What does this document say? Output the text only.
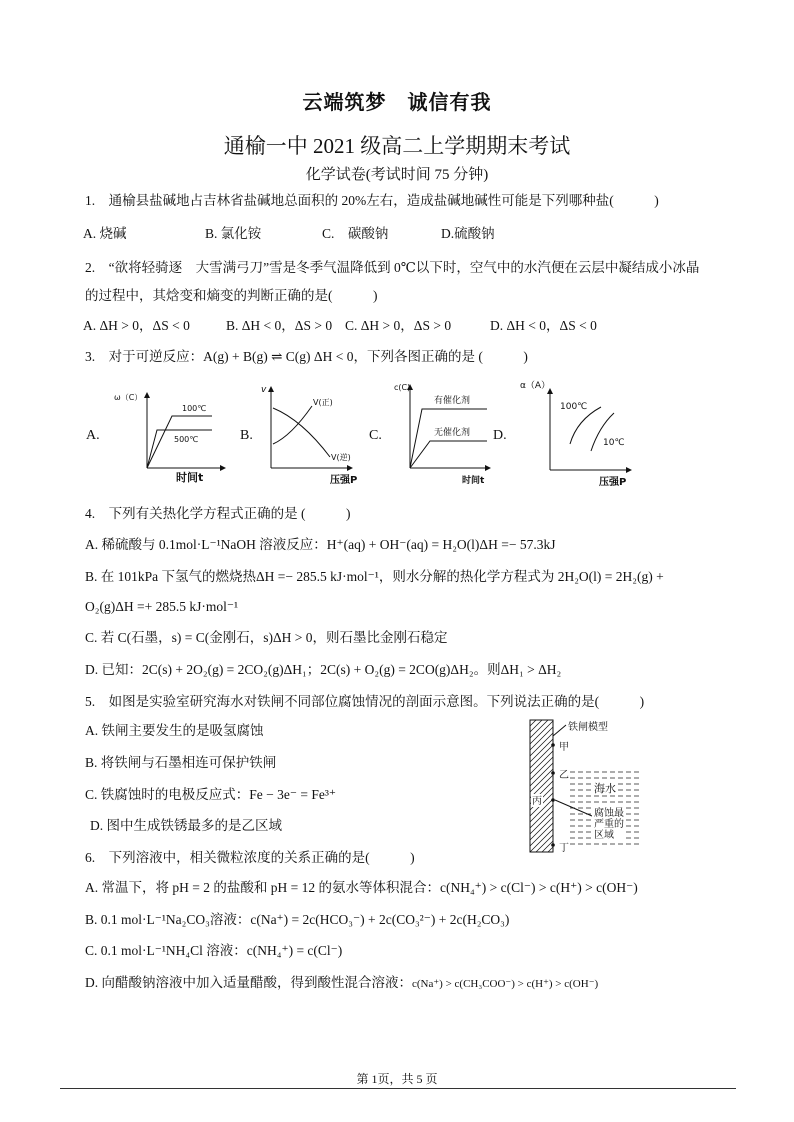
云端筑梦　诚信有我
通榆一中 2021 级高二上学期期末考试
化学试卷(考试时间 75 分钟)
1.　通榆县盐碱地占吉林省盐碱地总面积的 20%左右，造成盐碱地碱性可能是下列哪种盐(　　　)
A. 烧碱	B. 氯化铵	C.　碳酸钠	D.硫酸钠
2.　“欲将轻骑逐　大雪满弓刀”雪是冬季气温降低到 0℃以下时，空气中的水汽便在云层中凝结成小冰晶
的过程中，其焓变和熵变的判断正确的是(　　　)
A. ΔH > 0，ΔS < 0	B. ΔH < 0，ΔS > 0 C. ΔH > 0，ΔS > 0	D. ΔH < 0，ΔS < 0
3.　对于可逆反应：A(g) + B(g) ⇌ C(g) ΔH < 0，下列各图正确的是 (　　　)
A.	B.	C.	D.
ω（C）
100℃
500℃
时间t
v
V(正)
V(逆)
压强P
c(C)
有催化剂
无催化剂
时间t
α（A）
100℃
10℃
压强P
4.　下列有关热化学方程式正确的是 (　　　)
A. 稀硫酸与 0.1mol·L⁻¹NaOH 溶液反应：H⁺(aq) + OH⁻(aq) = H₂O(l)ΔH =− 57.3kJ
B. 在 101kPa 下氢气的燃烧热ΔH =− 285.5 kJ·mol⁻¹，则水分解的热化学方程式为 2H₂O(l) = 2H₂(g) +
O₂(g)ΔH =+ 285.5 kJ·mol⁻¹
C. 若 C(石墨，s) = C(金刚石，s)ΔH > 0，则石墨比金刚石稳定
D. 已知：2C(s) + 2O₂(g) = 2CO₂(g)ΔH₁；2C(s) + O₂(g) = 2CO(g)ΔH₂。则ΔH₁ > ΔH₂
5.　如图是实验室研究海水对铁闸不同部位腐蚀情况的剖面示意图。下列说法正确的是(　　　)
A. 铁闸主要发生的是吸氢腐蚀
B. 将铁闸与石墨相连可保护铁闸
C. 铁腐蚀时的电极反应式：Fe − 3e⁻ = Fe³⁺
D. 图中生成铁锈最多的是乙区域
铁闸模型
甲
乙
海水
丙
腐蚀最
严重的
区域
丁
6.　下列溶液中，相关微粒浓度的关系正确的是(　　　)
A. 常温下，将 pH = 2 的盐酸和 pH = 12 的氨水等体积混合：c(NH₄⁺) > c(Cl⁻) > c(H⁺) > c(OH⁻)
B. 0.1 mol·L⁻¹Na₂CO₃溶液：c(Na⁺) = 2c(HCO₃⁻) + 2c(CO₃²⁻) + 2c(H₂CO₃)
C. 0.1 mol·L⁻¹NH₄Cl 溶液：c(NH₄⁺) = c(Cl⁻)
D. 向醋酸钠溶液中加入适量醋酸，得到酸性混合溶液：c(Na⁺) > c(CH₃COO⁻) > c(H⁺) > c(OH⁻)
第 1页，共 5 页
